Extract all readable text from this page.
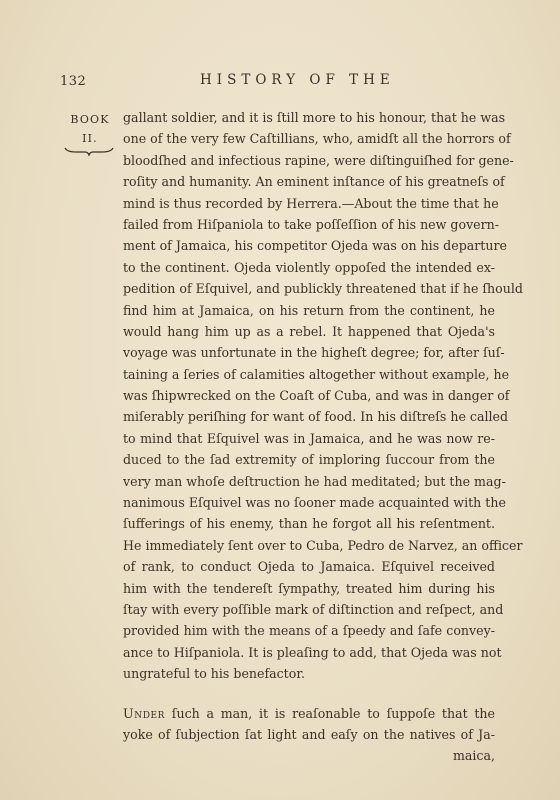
132	HISTORY OF THE
BOOK
II.
gallant soldier, and it is ſtill more to his honour, that he was
one of the very few Caſtillians, who, amidſt all the horrors of
bloodſhed and infectious rapine, were diſtinguiſhed for gene-
roſity and humanity. An eminent inſtance of his greatneſs of
mind is thus recorded by Herrera.—About the time that he
failed from Hiſpaniola to take poſſeſſion of his new govern-
ment of Jamaica, his competitor Ojeda was on his departure
to the continent. Ojeda violently oppoſed the intended ex-
pedition of Eſquivel, and publickly threatened that if he ſhould
find him at Jamaica, on his return from the continent, he
would hang him up as a rebel. It happened that Ojeda's
voyage was unfortunate in the higheſt degree; for, after ſuſ-
taining a ſeries of calamities altogether without example, he
was ſhipwrecked on the Coaſt of Cuba, and was in danger of
miſerably periſhing for want of food. In his diſtreſs he called
to mind that Eſquivel was in Jamaica, and he was now re-
duced to the ſad extremity of imploring ſuccour from the
very man whoſe deſtruction he had meditated; but the mag-
nanimous Eſquivel was no ſooner made acquainted with the
ſufferings of his enemy, than he forgot all his reſentment.
He immediately ſent over to Cuba, Pedro de Narvez, an officer
of rank, to conduct Ojeda to Jamaica. Eſquivel received
him with the tendereſt ſympathy, treated him during his
ſtay with every poſſible mark of diſtinction and reſpect, and
provided him with the means of a ſpeedy and ſafe convey-
ance to Hiſpaniola. It is pleaſing to add, that Ojeda was not
ungrateful to his benefactor.
Under ſuch a man, it is reaſonable to ſuppoſe that the
yoke of ſubjection ſat light and eaſy on the natives of Ja-
maica,
